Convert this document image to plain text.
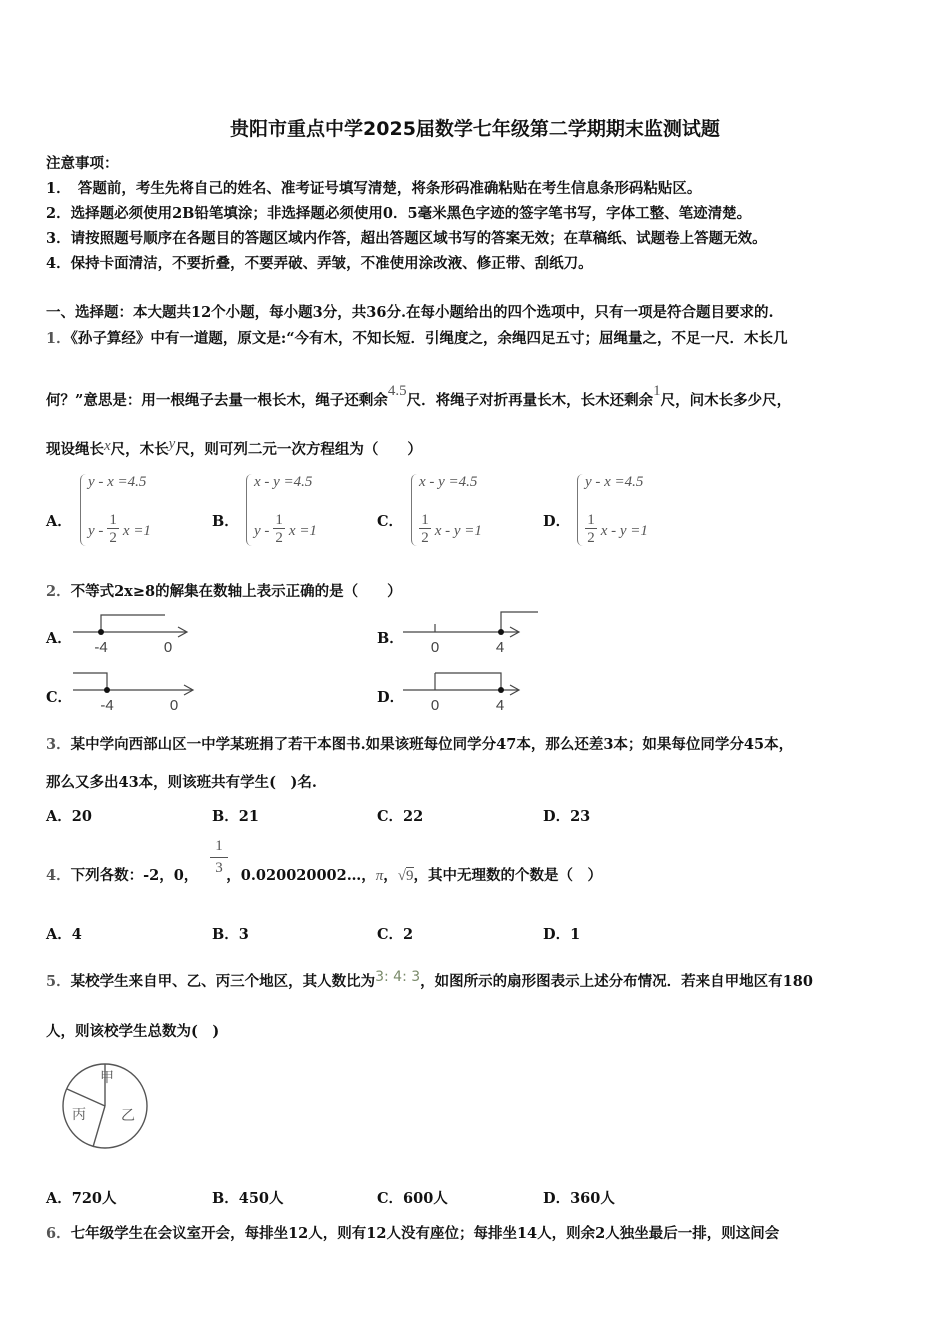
贵阳市重点中学2025届数学七年级第二学期期末监测试题
注意事项：
1．　答题前，考生先将自己的姓名、准考证号填写清楚，将条形码准确粘贴在考生信息条形码粘贴区。
2．选择题必须使用2B铅笔填涂；非选择题必须使用0．5毫米黑色字迹的签字笔书写，字体工整、笔迹清楚。
3．请按照题号顺序在各题目的答题区域内作答，超出答题区域书写的答案无效；在草稿纸、试题卷上答题无效。
4．保持卡面清洁，不要折叠，不要弄破、弄皱，不准使用涂改液、修正带、刮纸刀。
一、选择题：本大题共12个小题，每小题3分，共36分.在每小题给出的四个选项中，只有一项是符合题目要求的.
1．《孙子算经》中有一道题，原文是:“今有木，不知长短．引绳度之，余绳四足五寸；屈绳量之，不足一尺．木长几
何？”意思是：用一根绳子去量一根长木，绳子还剩余4.5尺．将绳子对折再量长木，长木还剩余1尺，问木长多少尺，
现设绳长x尺，木长y尺，则可列二元一次方程组为（　　）
A．
y - x =4.5
y - $\frac{1}{2}$ x =1
B．
x - y =4.5
y - $\frac{1}{2}$ x =1
C．
x - y =4.5
$\frac{1}{2}$ x - y =1
D．
y - x =4.5
$\frac{1}{2}$ x - y =1
2．不等式2x≥8的解集在数轴上表示正确的是（　　）
A．
-4	0
B．
0	4
C． -4	0	D． 0	4
3．某中学向西部山区一中学某班捐了若干本图书.如果该班每位同学分47本，那么还差3本；如果每位同学分45本，
那么又多出43本，则该班共有学生(　)名.
A．20	B．21	C．22	D．23
4．下列各数：-2，0， ，0.020020002…，π，√9，其中无理数的个数是（　）
1
3
A．4	B．3	C．2	D．1
5．某校学生来自甲、乙、丙三个地区，其人数比为3: 4: 3，如图所示的扇形图表示上述分布情况．若来自甲地区有180
人，则该校学生总数为(　)
甲
乙
丙
A．720人	B．450人	C．600人	D．360人
6．七年级学生在会议室开会，每排坐12人，则有12人没有座位；每排坐14人，则余2人独坐最后一排，则这间会
